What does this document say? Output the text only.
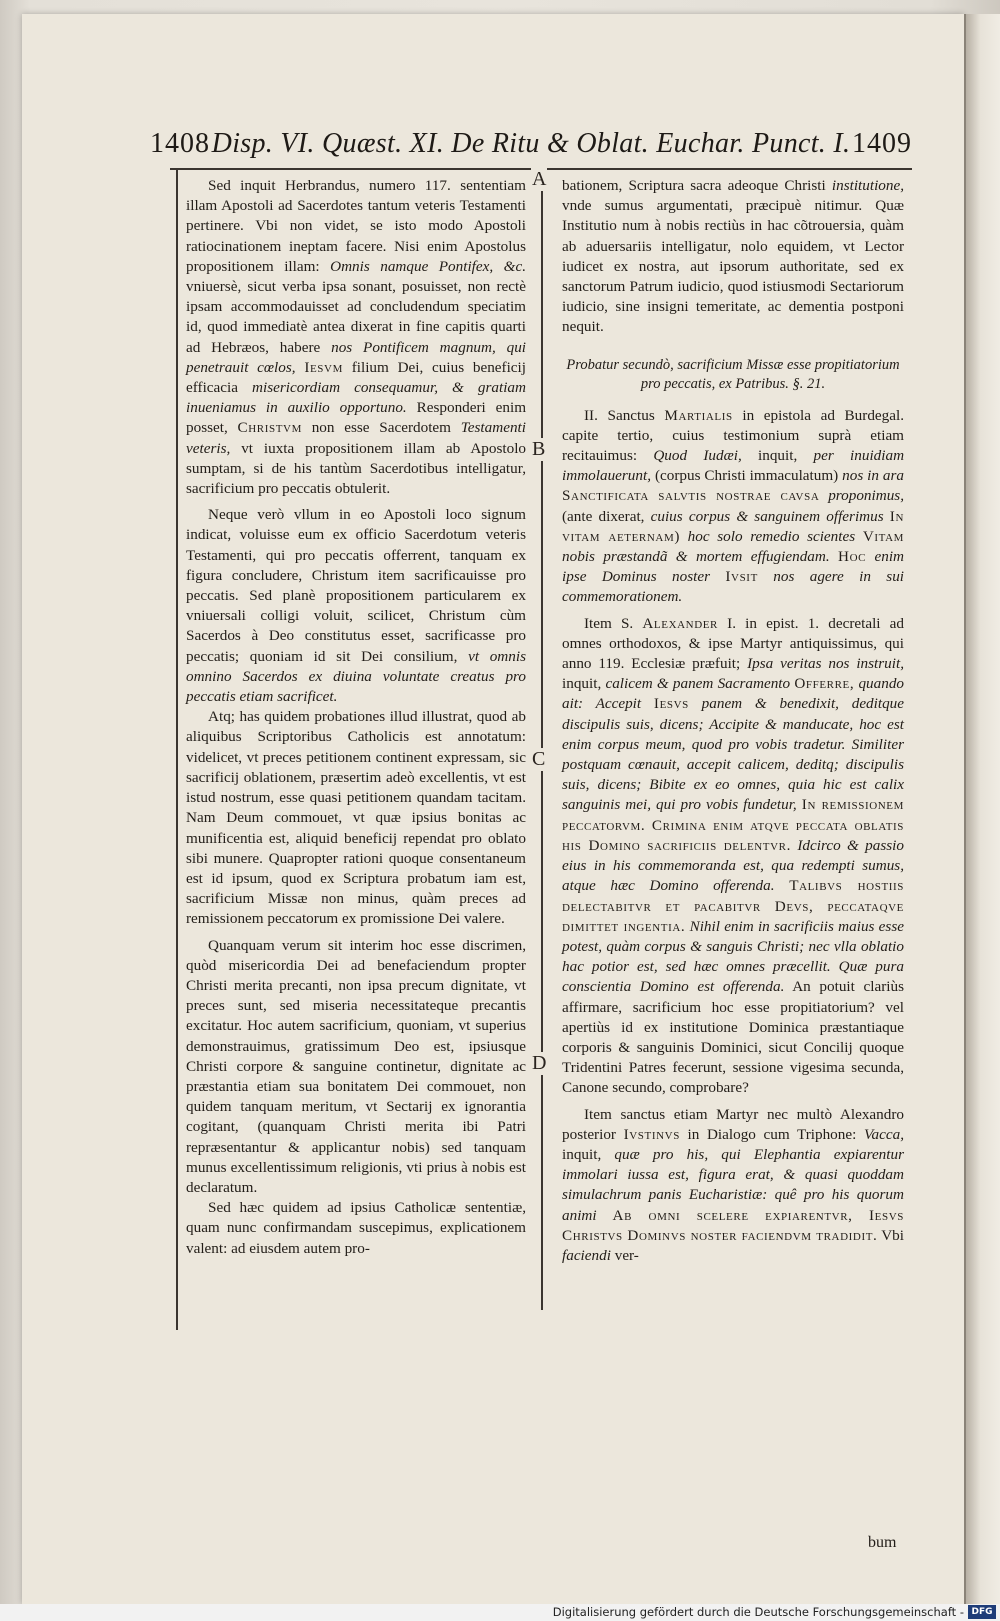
1408 Disp. VI. Quæst. XI. De Ritu & Oblat. Euchar. Punct. I. 1409

Sed inquit Herbrandus, numero 117. sententiam illam Apostoli ad Sacerdotes tantum veteris Testamenti pertinere. Vbi non videt, se isto modo Apostoli ratiocinationem ineptam facere. Nisi enim Apostolus propositionem illam: Omnis namque Pontifex, &c. vniuersè, sicut verba ipsa sonant, posuisset, non rectè ipsam accommodauisset ad concludendum speciatim id, quod immediatè antea dixerat in fine capitis quarti ad Hebræos, habere nos Pontificem magnum, qui penetrauit cœlos, Iesvm filium Dei, cuius beneficij efficacia misericordiam consequamur, & gratiam inueniamus in auxilio opportuno. Responderi enim posset, Christvm non esse Sacerdotem Testamenti veteris, vt iuxta propositionem illam ab Apostolo sumptam, si de his tantùm Sacerdotibus intelligatur, sacrificium pro peccatis obtulerit.

Neque verò vllum in eo Apostoli loco signum indicat, voluisse eum ex officio Sacerdotum veteris Testamenti, qui pro peccatis offerrent, tanquam ex figura concludere, Christum item sacrificauisse pro peccatis. Sed planè propositionem particularem ex vniuersali colligi voluit, scilicet, Christum cùm Sacerdos à Deo constitutus esset, sacrificasse pro peccatis; quoniam id sit Dei consilium, vt omnis omnino Sacerdos ex diuina voluntate creatus pro peccatis etiam sacrificet.

Atq; has quidem probationes illud illustrat, quod ab aliquibus Scriptoribus Catholicis est annotatum: videlicet, vt preces petitionem continent expressam, sic sacrificij oblationem, præsertim adeò excellentis, vt est istud nostrum, esse quasi petitionem quandam tacitam. Nam Deum commouet, vt quæ ipsius bonitas ac munificentia est, aliquid beneficij rependat pro oblato sibi munere. Quapropter rationi quoque consentaneum est id ipsum, quod ex Scriptura probatum iam est, sacrificium Missæ non minus, quàm preces ad remissionem peccatorum ex promissione Dei valere.

Quanquam verum sit interim hoc esse discrimen, quòd misericordia Dei ad benefaciendum propter Christi merita precanti, non ipsa precum dignitate, vt preces sunt, sed miseria necessitateque precantis excitatur. Hoc autem sacrificium, quoniam, vt superius demonstrauimus, gratissimum Deo est, ipsiusque Christi corpore & sanguine continetur, dignitate ac præstantia etiam sua bonitatem Dei commouet, non quidem tanquam meritum, vt Sectarij ex ignorantia cogitant, (quanquam Christi merita ibi Patri repræsentantur & applicantur nobis) sed tanquam munus excellentissimum religionis, vti prius à nobis est declaratum.

Sed hæc quidem ad ipsius Catholicæ sententiæ, quam nunc confirmandam suscepimus, explicationem valent: ad eiusdem autem pro-

bationem, Scriptura sacra adeoque Christi institutione, vnde sumus argumentati, præcipuè nitimur. Quæ Institutio num à nobis rectiùs in hac cõtrouersia, quàm ab aduersariis intelligatur, nolo equidem, vt Lector iudicet ex nostra, aut ipsorum authoritate, sed ex sanctorum Patrum iudicio, quod istiusmodi Sectariorum iudicio, sine insigni temeritate, ac dementia postponi nequit.

Probatur secundò, sacrificium Missæ esse propitiatorium pro peccatis, ex Patribus. §. 21.

II. Sanctus Martialis in epistola ad Burdegal. capite tertio, cuius testimonium suprà etiam recitauimus: Quod Iudæi, inquit, per inuidiam immolauerunt, (corpus Christi immaculatum) nos in ara Sanctificata salvtis nostrae cavsa proponimus, (ante dixerat, cuius corpus & sanguinem offerimus In vitam aeternam) hoc solo remedio scientes Vitam nobis præstandã & mortem effugiendam. Hoc enim ipse Dominus noster Ivsit nos agere in sui commemorationem.

Item S. Alexander I. in epist. 1. decretali ad omnes orthodoxos, & ipse Martyr antiquissimus, qui anno 119. Ecclesiæ præfuit; Ipsa veritas nos instruit, inquit, calicem & panem Sacramento Offerre, quando ait: Accepit Iesvs panem & benedixit, deditque discipulis suis, dicens; Accipite & manducate, hoc est enim corpus meum, quod pro vobis tradetur. Similiter postquam cœnauit, accepit calicem, deditq; discipulis suis, dicens; Bibite ex eo omnes, quia hic est calix sanguinis mei, qui pro vobis fundetur, In remissionem peccatorvm. Crimina enim atqve peccata oblatis his Domino sacrificiis delentvr. Idcirco & passio eius in his commemoranda est, qua redempti sumus, atque hæc Domino offerenda. Talibvs hostiis delectabitvr et pacabitvr Devs, peccataqve dimittet ingentia. Nihil enim in sacrificiis maius esse potest, quàm corpus & sanguis Christi; nec vlla oblatio hac potior est, sed hæc omnes præcellit. Quæ pura conscientia Domino est offerenda. An potuit clariùs affirmare, sacrificium hoc esse propitiatorium? vel apertiùs id ex institutione Dominica præstantiaque corporis & sanguinis Dominici, sicut Concilij quoque Tridentini Patres fecerunt, sessione vigesima secunda, Canone secundo, comprobare?

Item sanctus etiam Martyr nec multò Alexandro posterior Ivstinvs in Dialogo cum Triphone: Vacca, inquit, quæ pro his, qui Elephantia expiarentur immolari iussa est, figura erat, & quasi quoddam simulachrum panis Eucharistiæ: quê pro his quorum animi Ab omni scelere expiarentvr, Iesvs Christvs Dominvs noster faciendvm tradidit. Vbi faciendi ver-

A
B
C
D
bum
Digitalisierung gefördert durch die Deutsche Forschungsgemeinschaft - DFG
